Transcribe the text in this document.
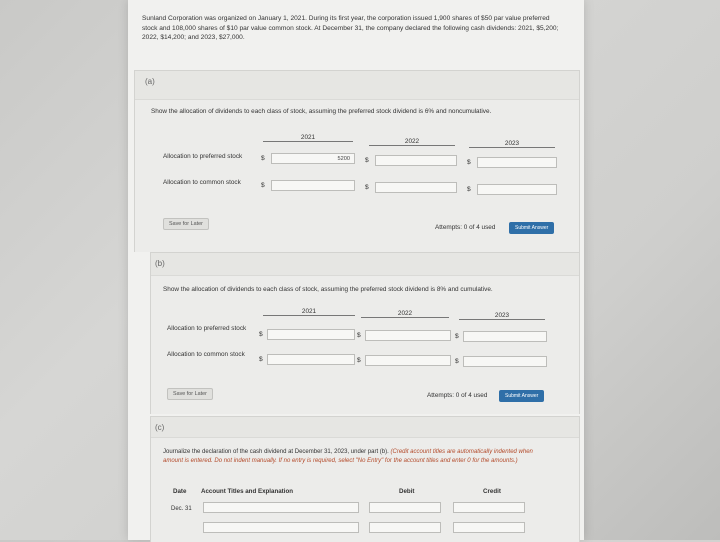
Sunland Corporation was organized on January 1, 2021. During its first year, the corporation issued 1,900 shares of $50 par value preferred stock and 108,000 shares of $10 par value common stock. At December 31, the company declared the following cash dividends: 2021, $5,200; 2022, $14,200; and 2023, $27,000.
(a)
Show the allocation of dividends to each class of stock, assuming the preferred stock dividend is 6% and noncumulative.
2021
2022	2023
Allocation to preferred stock	$	5200	$	$
Allocation to common stock	$	$	$
Save for Later	Attempts: 0 of 4 used	Submit Answer
(b)
Show the allocation of dividends to each class of stock, assuming the preferred stock dividend is 8% and cumulative.
2021	2022	2023
Allocation to preferred stock
$	$	$
Allocation to common stock
$	$	$
Save for Later	Attempts: 0 of 4 used	Submit Answer
(c)
Journalize the declaration of the cash dividend at December 31, 2023, under part (b). (Credit account titles are automatically indented when amount is entered. Do not indent manually. If no entry is required, select "No Entry" for the account titles and enter 0 for the amounts.)
Date Account Titles and Explanation	Debit	Credit
Dec. 31
